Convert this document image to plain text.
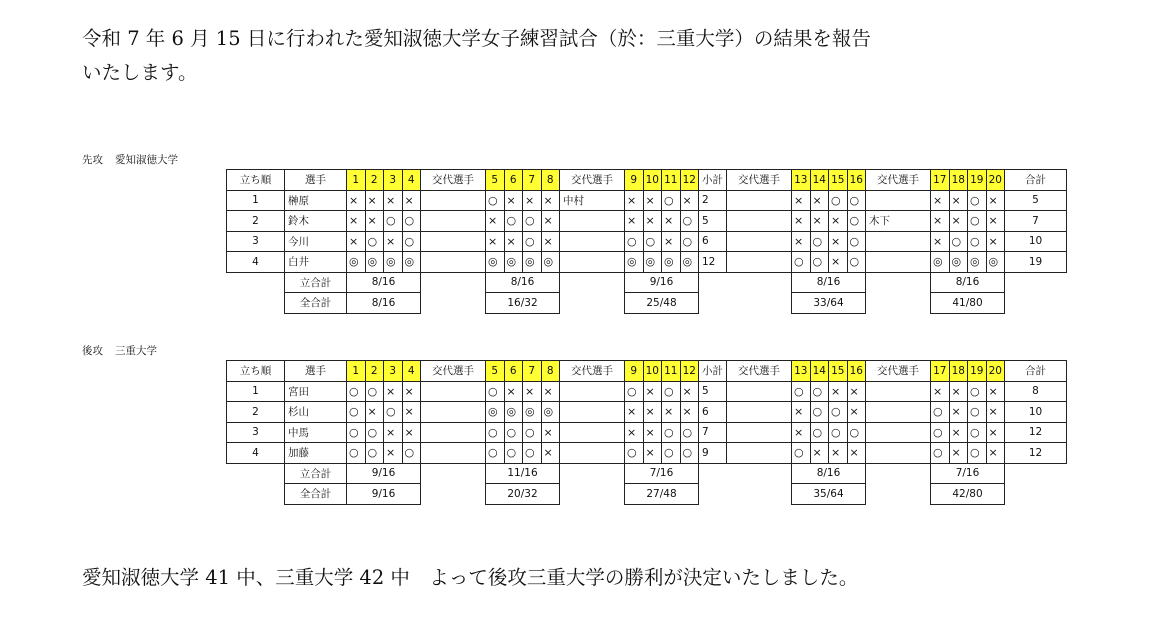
令和 7 年 6 月 15 日に行われた愛知淑徳大学女子練習試合（於：三重大学）の結果を報告

いたします。

先攻 愛知淑徳大学
立ち順	選手	1	2	3	4	交代選手	5	6	7	8	交代選手	9	10	11	12	小計	交代選手	13	14	15	16	交代選手	17	18	19	20	合計
1	榊原	×	×	×	×		○	×	×	×	中村	×	×	○	×	2		×	×	○	○		×	×	○	×	5
2	鈴木	×	×	○	○		×	○	○	×		×	×	×	○	5		×	×	×	○	木下	×	×	○	×	7
3	今川	×	○	×	○		×	×	○	×		○	○	×	○	6		×	○	×	○		×	○	○	×	10
4	白井	◎	◎	◎	◎		◎	◎	◎	◎		◎	◎	◎	◎	12		○	○	×	○		◎	◎	◎	◎	19
	立合計	8/16					8/16					9/16						8/16					8/16				
	全合計	8/16					16/32					25/48						33/64					41/80				
後攻 三重大学
立ち順	選手	1	2	3	4	交代選手	5	6	7	8	交代選手	9	10	11	12	小計	交代選手	13	14	15	16	交代選手	17	18	19	20	合計
1	宮田	○	○	×	×		○	×	×	×		○	×	○	×	5		○	○	×	×		×	×	○	×	8
2	杉山	○	×	○	×		◎	◎	◎	◎		×	×	×	×	6		×	○	○	×		○	×	○	×	10
3	中馬	○	○	×	×		○	○	○	×		×	×	○	○	7		×	○	○	○		○	×	○	×	12
4	加藤	○	○	×	○		○	○	○	×		○	×	○	○	9		○	×	×	×		○	×	○	×	12
	立合計	9/16					11/16					7/16						8/16					7/16				
	全合計	9/16					20/32					27/48						35/64					42/80				
愛知淑徳大学 41 中、三重大学 42 中　よって後攻三重大学の勝利が決定いたしました。
